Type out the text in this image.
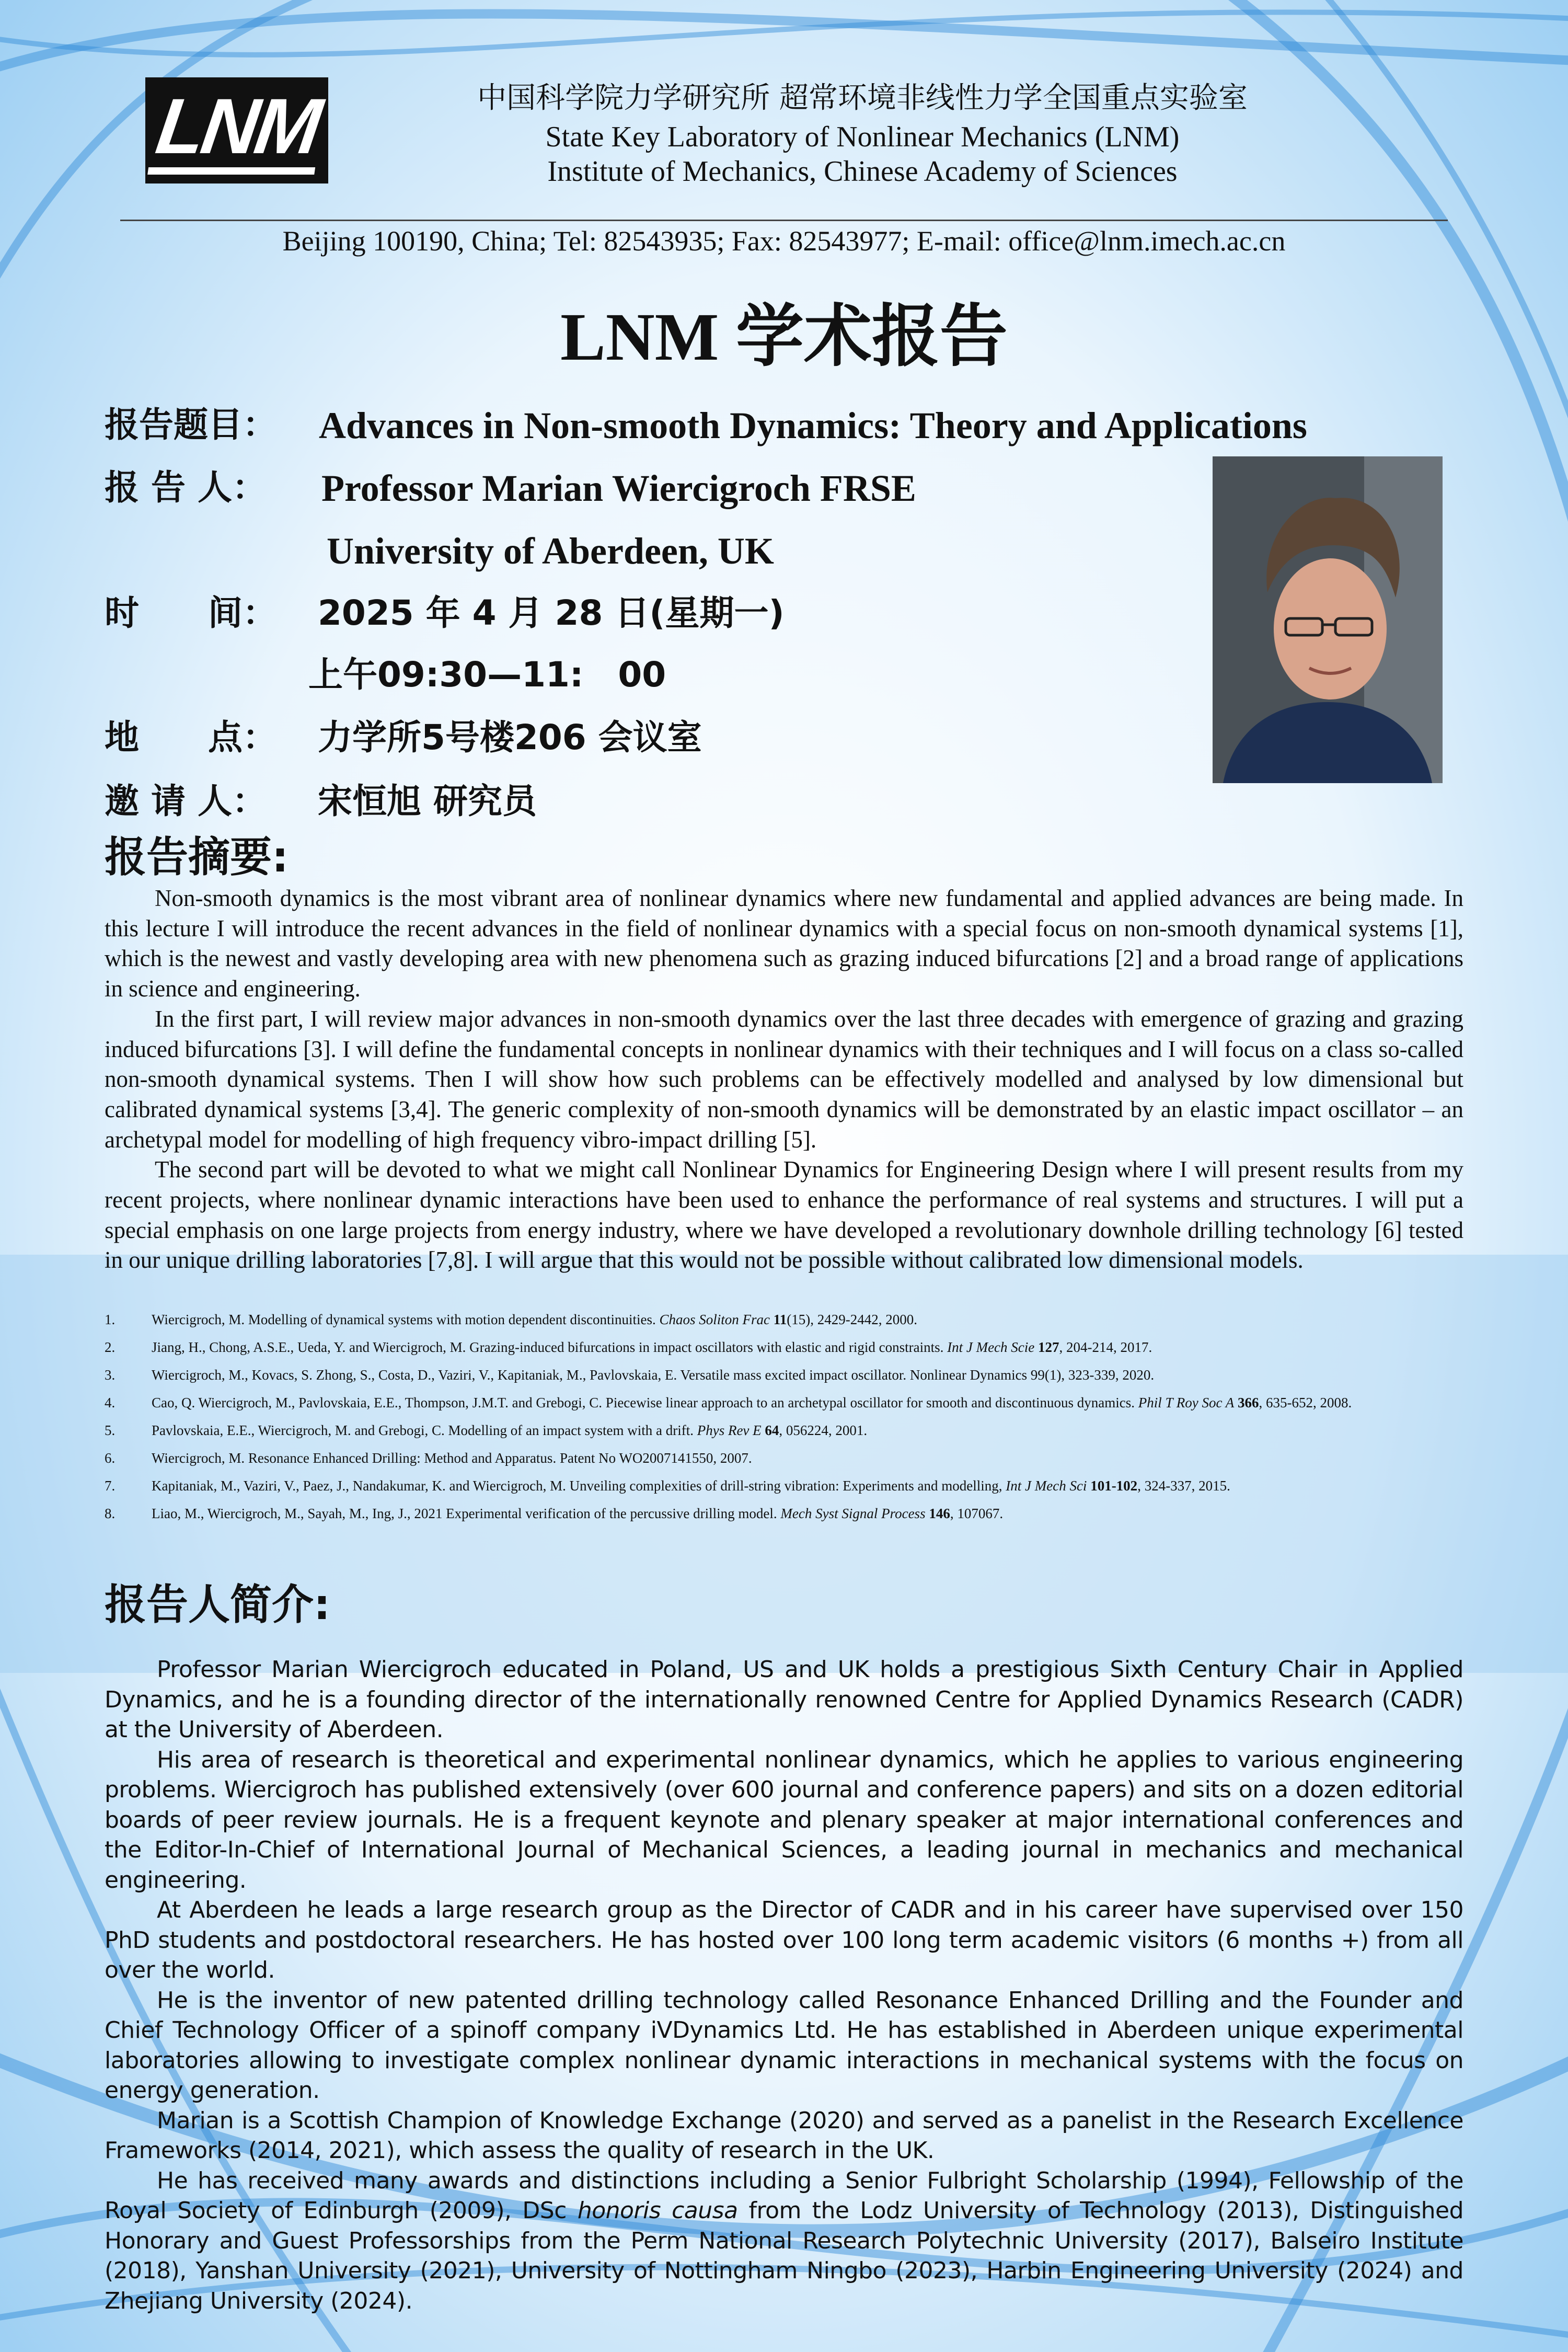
LNM	中国科学院力学研究所 超常环境非线性力学全国重点实验室
State Key Laboratory of Nonlinear Mechanics (LNM)
Institute of Mechanics, Chinese Academy of Sciences
Beijing 100190, China; Tel: 82543935; Fax: 82543977; E-mail: office@lnm.imech.ac.cn
LNM 学术报告
报告题目： Advances in Non-smooth Dynamics: Theory and Applications
报 告 人： Professor Marian Wiercigroch FRSE
University of Aberdeen, UK
时　　间： 2025 年 4 月 28 日(星期一)
上午09:30—11:　00
地　　点： 力学所5号楼206 会议室
邀 请 人： 宋恒旭 研究员
报告摘要:

Non-smooth dynamics is the most vibrant area of nonlinear dynamics where new fundamental and applied advances are being made. In this lecture I will introduce the recent advances in the field of nonlinear dynamics with a special focus on non-smooth dynamical systems [1], which is the newest and vastly developing area with new phenomena such as grazing induced bifurcations [2] and a broad range of applications in science and engineering.

In the first part, I will review major advances in non-smooth dynamics over the last three decades with emergence of grazing and grazing induced bifurcations [3]. I will define the fundamental concepts in nonlinear dynamics with their techniques and I will focus on a class so-called non-smooth dynamical systems. Then I will show how such problems can be effectively modelled and analysed by low dimensional but calibrated dynamical systems [3,4]. The generic complexity of non-smooth dynamics will be demonstrated by an elastic impact oscillator – an archetypal model for modelling of high frequency vibro-impact drilling [5].

The second part will be devoted to what we might call Nonlinear Dynamics for Engineering Design where I will present results from my recent projects, where nonlinear dynamic interactions have been used to enhance the performance of real systems and structures. I will put a special emphasis on one large projects from energy industry, where we have developed a revolutionary downhole drilling technology [6] tested in our unique drilling laboratories [7,8]. I will argue that this would not be possible without calibrated low dimensional models.

1.	Wiercigroch, M. Modelling of dynamical systems with motion dependent discontinuities. Chaos Soliton Frac 11(15), 2429-2442, 2000.
2.	Jiang, H., Chong, A.S.E., Ueda, Y. and Wiercigroch, M. Grazing-induced bifurcations in impact oscillators with elastic and rigid constraints. Int J Mech Scie 127, 204-214, 2017.
3.	Wiercigroch, M., Kovacs, S. Zhong, S., Costa, D., Vaziri, V., Kapitaniak, M., Pavlovskaia, E. Versatile mass excited impact oscillator. Nonlinear Dynamics 99(1), 323-339, 2020.
4.	Cao, Q. Wiercigroch, M., Pavlovskaia, E.E., Thompson, J.M.T. and Grebogi, C. Piecewise linear approach to an archetypal oscillator for smooth and discontinuous dynamics. Phil T Roy Soc A 366, 635-652, 2008.
5.	Pavlovskaia, E.E., Wiercigroch, M. and Grebogi, C. Modelling of an impact system with a drift. Phys Rev E 64, 056224, 2001.
6.	Wiercigroch, M. Resonance Enhanced Drilling: Method and Apparatus. Patent No WO2007141550, 2007.
7.	Kapitaniak, M., Vaziri, V., Paez, J., Nandakumar, K. and Wiercigroch, M. Unveiling complexities of drill-string vibration: Experiments and modelling, Int J Mech Sci 101-102, 324-337, 2015.
8.	Liao, M., Wiercigroch, M., Sayah, M., Ing, J., 2021 Experimental verification of the percussive drilling model. Mech Syst Signal Process 146, 107067.
报告人简介:

Professor Marian Wiercigroch educated in Poland, US and UK holds a prestigious Sixth Century Chair in Applied Dynamics, and he is a founding director of the internationally renowned Centre for Applied Dynamics Research (CADR) at the University of Aberdeen.

His area of research is theoretical and experimental nonlinear dynamics, which he applies to various engineering problems. Wiercigroch has published extensively (over 600 journal and conference papers) and sits on a dozen editorial boards of peer review journals. He is a frequent keynote and plenary speaker at major international conferences and the Editor-In-Chief of International Journal of Mechanical Sciences, a leading journal in mechanics and mechanical engineering.

At Aberdeen he leads a large research group as the Director of CADR and in his career have supervised over 150 PhD students and postdoctoral researchers. He has hosted over 100 long term academic visitors (6 months +) from all over the world.

He is the inventor of new patented drilling technology called Resonance Enhanced Drilling and the Founder and Chief Technology Officer of a spinoff company iVDynamics Ltd. He has established in Aberdeen unique experimental laboratories allowing to investigate complex nonlinear dynamic interactions in mechanical systems with the focus on energy generation.

Marian is a Scottish Champion of Knowledge Exchange (2020) and served as a panelist in the Research Excellence Frameworks (2014, 2021), which assess the quality of research in the UK.

He has received many awards and distinctions including a Senior Fulbright Scholarship (1994), Fellowship of the Royal Society of Edinburgh (2009), DSc honoris causa from the Lodz University of Technology (2013), Distinguished Honorary and Guest Professorships from the Perm National Research Polytechnic University (2017), Balseiro Institute (2018), Yanshan University (2021), University of Nottingham Ningbo (2023), Harbin Engineering University (2024) and Zhejiang University (2024).
